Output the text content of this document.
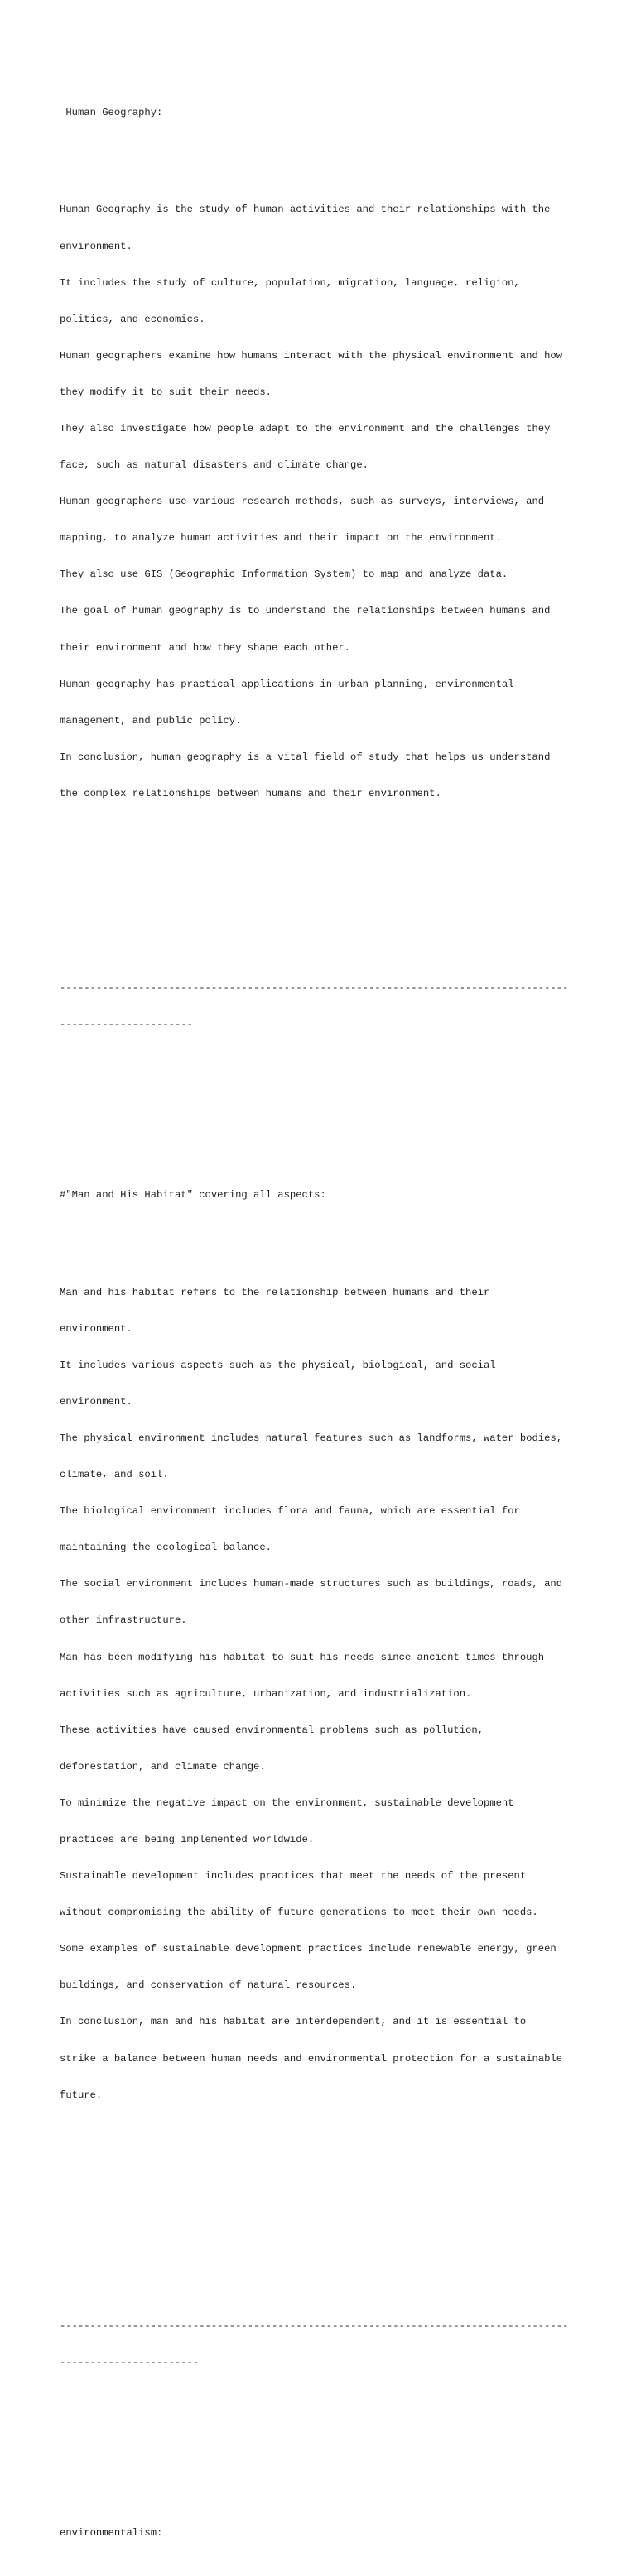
Human Geography:

Human Geography is the study of human activities and their relationships with the

environment.

It includes the study of culture, population, migration, language, religion,

politics, and economics.

Human geographers examine how humans interact with the physical environment and how

they modify it to suit their needs.

They also investigate how people adapt to the environment and the challenges they

face, such as natural disasters and climate change.

Human geographers use various research methods, such as surveys, interviews, and

mapping, to analyze human activities and their impact on the environment.

They also use GIS (Geographic Information System) to map and analyze data.

The goal of human geography is to understand the relationships between humans and

their environment and how they shape each other.

Human geography has practical applications in urban planning, environmental

management, and public policy.

In conclusion, human geography is a vital field of study that helps us understand

the complex relationships between humans and their environment.

------------------------------------------------------------------------------------

----------------------

#"Man and His Habitat" covering all aspects:

Man and his habitat refers to the relationship between humans and their

environment.

It includes various aspects such as the physical, biological, and social

environment.

The physical environment includes natural features such as landforms, water bodies,

climate, and soil.

The biological environment includes flora and fauna, which are essential for

maintaining the ecological balance.

The social environment includes human-made structures such as buildings, roads, and

other infrastructure.

Man has been modifying his habitat to suit his needs since ancient times through

activities such as agriculture, urbanization, and industrialization.

These activities have caused environmental problems such as pollution,

deforestation, and climate change.

To minimize the negative impact on the environment, sustainable development

practices are being implemented worldwide.

Sustainable development includes practices that meet the needs of the present

without compromising the ability of future generations to meet their own needs.

Some examples of sustainable development practices include renewable energy, green

buildings, and conservation of natural resources.

In conclusion, man and his habitat are interdependent, and it is essential to

strike a balance between human needs and environmental protection for a sustainable

future.

------------------------------------------------------------------------------------

-----------------------

environmentalism:
